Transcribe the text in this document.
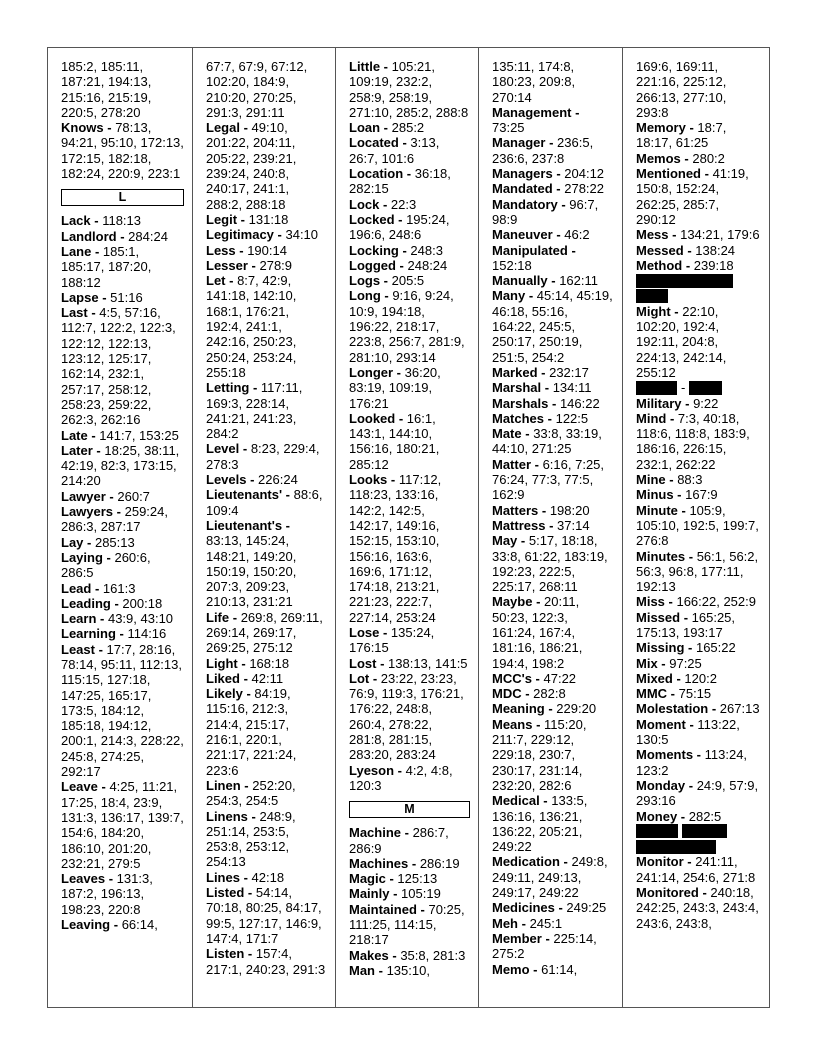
185:2, 185:11, 187:21, 194:13, 215:16, 215:19, 220:5, 278:20
Knows - 78:13, 94:21, 95:10, 172:13, 172:15, 182:18, 182:24, 220:9, 223:1
L
Lack - 118:13
Landlord - 284:24
Lane - 185:1, 185:17, 187:20, 188:12
Lapse - 51:16
Last - 4:5, 57:16, 112:7, 122:2, 122:3, 122:12, 122:13, 123:12, 125:17, 162:14, 232:1, 257:17, 258:12, 258:23, 259:22, 262:3, 262:16
Late - 141:7, 153:25
Later - 18:25, 38:11, 42:19, 82:3, 173:15, 214:20
Lawyer - 260:7
Lawyers - 259:24, 286:3, 287:17
Lay - 285:13
Laying - 260:6, 286:5
Lead - 161:3
Leading - 200:18
Learn - 43:9, 43:10
Learning - 114:16
Least - 17:7, 28:16, 78:14, 95:11, 112:13, 115:15, 127:18, 147:25, 165:17, 173:5, 184:12, 185:18, 194:12, 200:1, 214:3, 228:22, 245:8, 274:25, 292:17
Leave - 4:25, 11:21, 17:25, 18:4, 23:9, 131:3, 136:17, 139:7, 154:6, 184:20, 186:10, 201:20, 232:21, 279:5
Leaves - 131:3, 187:2, 196:13, 198:23, 220:8
Leaving - 66:14,
67:7, 67:9, 67:12, 102:20, 184:9, 210:20, 270:25, 291:3, 291:11
Legal - 49:10, 201:22, 204:11, 205:22, 239:21, 239:24, 240:8, 240:17, 241:1, 288:2, 288:18
Legit - 131:18
Legitimacy - 34:10
Less - 190:14
Lesser - 278:9
Let - 8:7, 42:9, 141:18, 142:10, 168:1, 176:21, 192:4, 241:1, 242:16, 250:23, 250:24, 253:24, 255:18
Letting - 117:11, 169:3, 228:14, 241:21, 241:23, 284:2
Level - 8:23, 229:4, 278:3
Levels - 226:24
Lieutenants' - 88:6, 109:4
Lieutenant's - 83:13, 145:24, 148:21, 149:20, 150:19, 150:20, 207:3, 209:23, 210:13, 231:21
Life - 269:8, 269:11, 269:14, 269:17, 269:25, 275:12
Light - 168:18
Liked - 42:11
Likely - 84:19, 115:16, 212:3, 214:4, 215:17, 216:1, 220:1, 221:17, 221:24, 223:6
Linen - 252:20, 254:3, 254:5
Linens - 248:9, 251:14, 253:5, 253:8, 253:12, 254:13
Lines - 42:18
Listed - 54:14, 70:18, 80:25, 84:17, 99:5, 127:17, 146:9, 147:4, 171:7
Listen - 157:4, 217:1, 240:23, 291:3
Little - 105:21, 109:19, 232:2, 258:9, 258:19, 271:10, 285:2, 288:8
Loan - 285:2
Located - 3:13, 26:7, 101:6
Location - 36:18, 282:15
Lock - 22:3
Locked - 195:24, 196:6, 248:6
Locking - 248:3
Logged - 248:24
Logs - 205:5
Long - 9:16, 9:24, 10:9, 194:18, 196:22, 218:17, 223:8, 256:7, 281:9, 281:10, 293:14
Longer - 36:20, 83:19, 109:19, 176:21
Looked - 16:1, 143:1, 144:10, 156:16, 180:21, 285:12
Looks - 117:12, 118:23, 133:16, 142:2, 142:5, 142:17, 149:16, 152:15, 153:10, 156:16, 163:6, 169:6, 171:12, 174:18, 213:21, 221:23, 222:7, 227:14, 253:24
Lose - 135:24, 176:15
Lost - 138:13, 141:5
Lot - 23:22, 23:23, 76:9, 119:3, 176:21, 176:22, 248:8, 260:4, 278:22, 281:8, 281:15, 283:20, 283:24
Lyeson - 4:2, 4:8, 120:3
M
Machine - 286:7, 286:9
Machines - 286:19
Magic - 125:13
Mainly - 105:19
Maintained - 70:25, 111:25, 114:15, 218:17
Makes - 35:8, 281:3
Man - 135:10,
135:11, 174:8, 180:23, 209:8, 270:14
Management - 73:25
Manager - 236:5, 236:6, 237:8
Managers - 204:12
Mandated - 278:22
Mandatory - 96:7, 98:9
Maneuver - 46:2
Manipulated - 152:18
Manually - 162:11
Many - 45:14, 45:19, 46:18, 55:16, 164:22, 245:5, 250:17, 250:19, 251:5, 254:2
Marked - 232:17
Marshal - 134:11
Marshals - 146:22
Matches - 122:5
Mate - 33:8, 33:19, 44:10, 271:25
Matter - 6:16, 7:25, 76:24, 77:3, 77:5, 162:9
Matters - 198:20
Mattress - 37:14
May - 5:17, 18:18, 33:8, 61:22, 183:19, 192:23, 222:5, 225:17, 268:11
Maybe - 20:11, 50:23, 122:3, 161:24, 167:4, 181:16, 186:21, 194:4, 198:2
MCC's - 47:22
MDC - 282:8
Meaning - 229:20
Means - 115:20, 211:7, 229:12, 229:18, 230:7, 230:17, 231:14, 232:20, 282:6
Medical - 133:5, 136:16, 136:21, 136:22, 205:21, 249:22
Medication - 249:8, 249:11, 249:13, 249:17, 249:22
Medicines - 249:25
Meh - 245:1
Member - 225:14, 275:2
Memo - 61:14,
169:6, 169:11, 221:16, 225:12, 266:13, 277:10, 293:8
Memory - 18:7, 18:17, 61:25
Memos - 280:2
Mentioned - 41:19, 150:8, 152:24, 262:25, 285:7, 290:12
Mess - 134:21, 179:6
Messed - 138:24
Method - 239:18
Might - 22:10, 102:20, 192:4, 192:11, 204:8, 224:13, 242:14, 255:12
-
Military - 9:22
Mind - 7:3, 40:18, 118:6, 118:8, 183:9, 186:16, 226:15, 232:1, 262:22
Mine - 88:3
Minus - 167:9
Minute - 105:9, 105:10, 192:5, 199:7, 276:8
Minutes - 56:1, 56:2, 56:3, 96:8, 177:11, 192:13
Miss - 166:22, 252:9
Missed - 165:25, 175:13, 193:17
Missing - 165:22
Mix - 97:25
Mixed - 120:2
MMC - 75:15
Molestation - 267:13
Moment - 113:22, 130:5
Moments - 113:24, 123:2
Monday - 24:9, 57:9, 293:16
Money - 282:5
Monitor - 241:11, 241:14, 254:6, 271:8
Monitored - 240:18, 242:25, 243:3, 243:4, 243:6, 243:8,
